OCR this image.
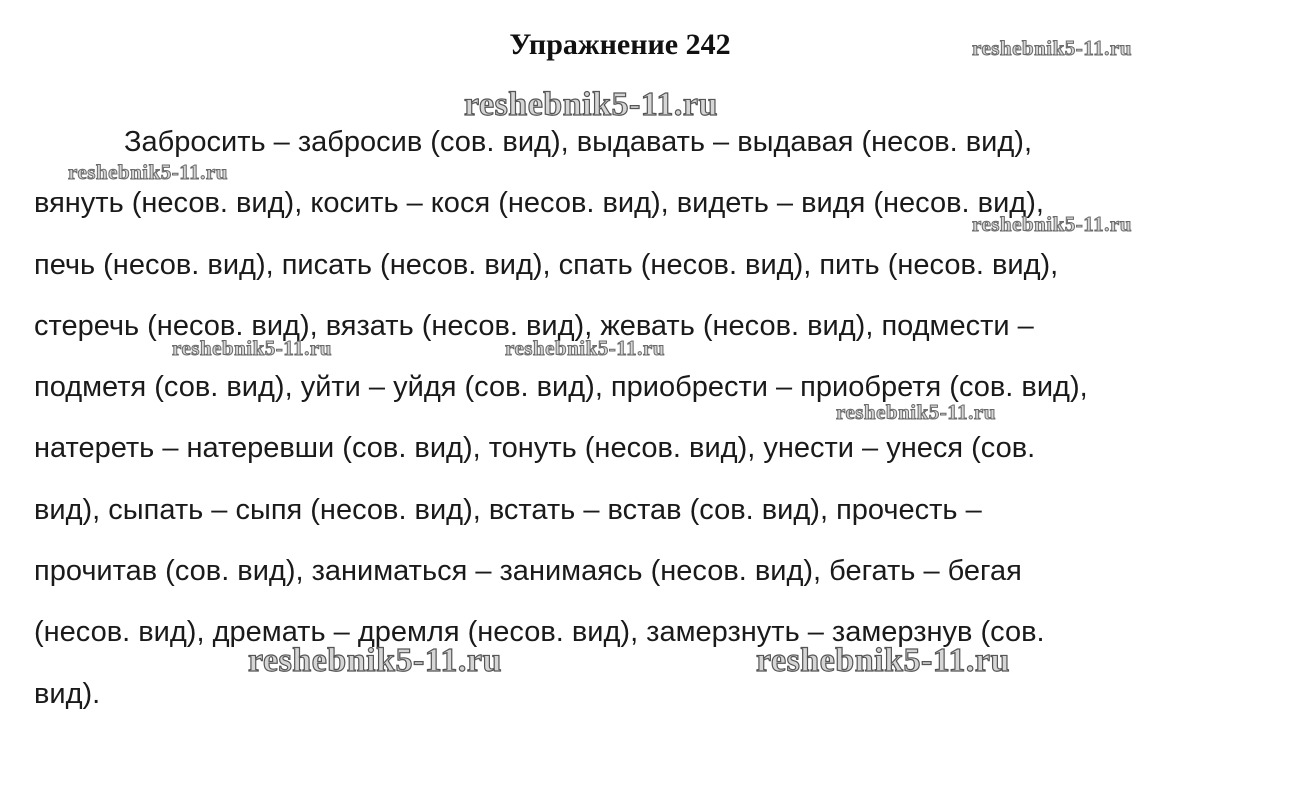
Упражнение 242
Забросить – забросив (сов. вид), выдавать – выдавая (несов. вид),
вянуть (несов. вид), косить – кося (несов. вид), видеть – видя (несов. вид),
печь (несов. вид), писать (несов. вид), спать (несов. вид), пить (несов. вид),
стеречь (несов. вид), вязать (несов. вид), жевать (несов. вид), подмести –
подметя (сов. вид), уйти – уйдя (сов. вид), приобрести – приобретя (сов. вид),
натереть – натеревши (сов. вид), тонуть (несов. вид), унести – унеся (сов.
вид), сыпать – сыпя (несов. вид), встать – встав (сов. вид), прочесть –
прочитав (сов. вид), заниматься – занимаясь (несов. вид), бегать – бегая
(несов. вид), дремать – дремля (несов. вид), замерзнуть – замерзнув (сов.
вид).
reshebnik5-11.ru
reshebnik5-11.ru
reshebnik5-11.ru
reshebnik5-11.ru
reshebnik5-11.ru	reshebnik5-11.ru
reshebnik5-11.ru
reshebnik5-11.ru	reshebnik5-11.ru
